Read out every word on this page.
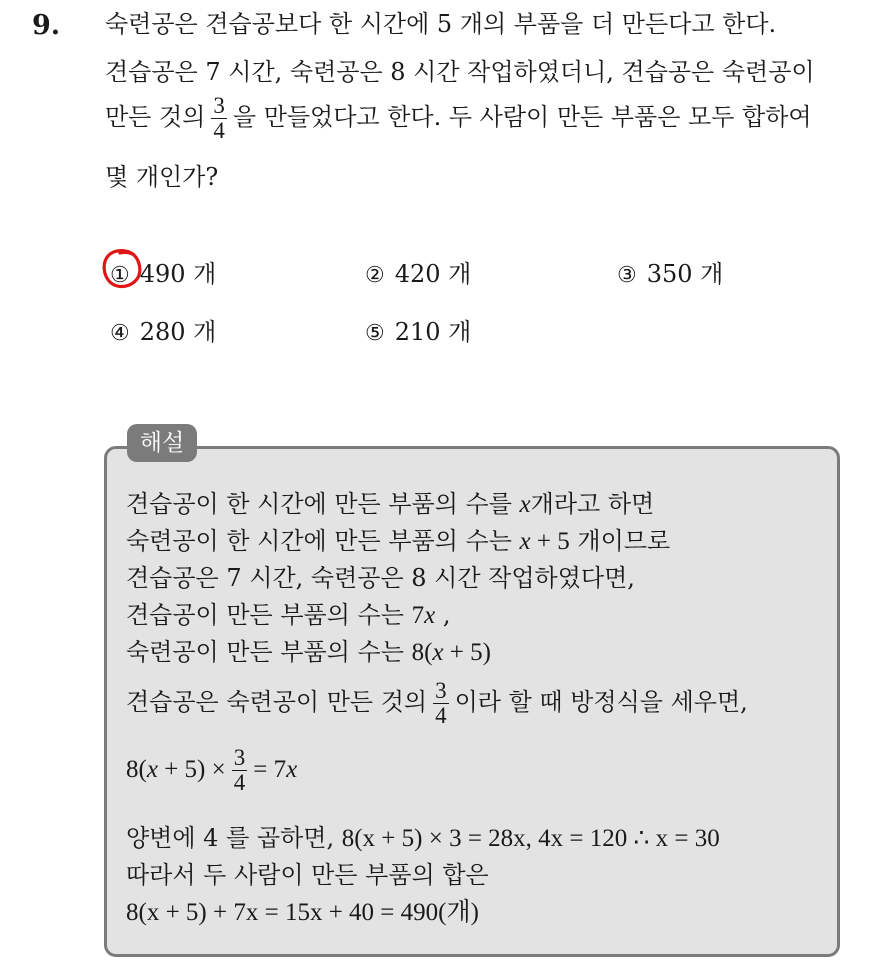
9. 숙련공은 견습공보다 한 시간에 5 개의 부품을 더 만든다고 한다.
견습공은 7 시간, 숙련공은 8 시간 작업하였더니, 견습공은 숙련공이
만든 것의 $\frac{3}{4}$ 을 만들었다고 한다. 두 사람이 만든 부품은 모두 합하여
몇 개인가?
① 490 개	② 420 개	③ 350 개
④ 280 개	⑤ 210 개
해설
견습공이 한 시간에 만든 부품의 수를 x개라고 하면
숙련공이 한 시간에 만든 부품의 수는 x + 5 개이므로
견습공은 7 시간, 숙련공은 8 시간 작업하였다면,
견습공이 만든 부품의 수는 7x ,
숙련공이 만든 부품의 수는 8(x + 5)
견습공은 숙련공이 만든 것의 $\frac{3}{4}$ 이라 할 때 방정식을 세우면,
$8(x + 5) \times \frac{3}{4} = 7x$
양변에 4 를 곱하면, 8(x + 5) × 3 = 28x, 4x = 120 ∴ x = 30
따라서 두 사람이 만든 부품의 합은
8(x + 5) + 7x = 15x + 40 = 490(개)
